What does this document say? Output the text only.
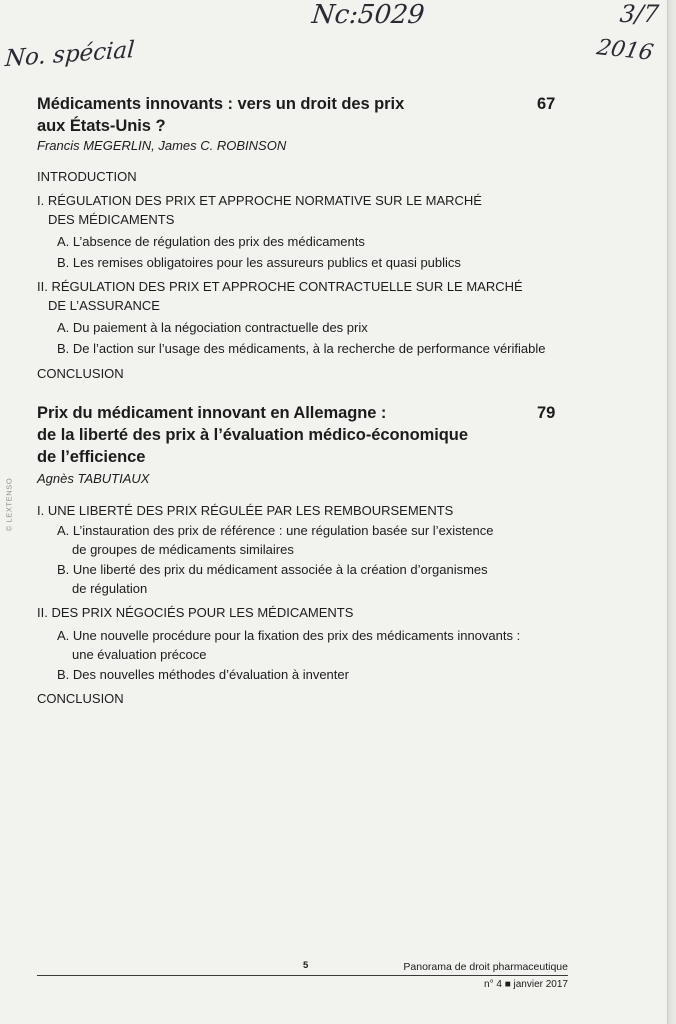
No. spécial
Nc:5029	3/7
2016
© LEXTENSO
Médicaments innovants : vers un droit des prix
aux États-Unis ?
67
Francis MEGERLIN, James C. ROBINSON
INTRODUCTION
I. RÉGULATION DES PRIX ET APPROCHE NORMATIVE SUR LE MARCHÉ
DES MÉDICAMENTS
A. L’absence de régulation des prix des médicaments
B. Les remises obligatoires pour les assureurs publics et quasi publics
II. RÉGULATION DES PRIX ET APPROCHE CONTRACTUELLE SUR LE MARCHÉ
DE L’ASSURANCE
A. Du paiement à la négociation contractuelle des prix
B. De l’action sur l’usage des médicaments, à la recherche de performance vérifiable
CONCLUSION
Prix du médicament innovant en Allemagne :
de la liberté des prix à l’évaluation médico-économique
de l’efficience
79
Agnès TABUTIAUX
I. UNE LIBERTÉ DES PRIX RÉGULÉE PAR LES REMBOURSEMENTS
A. L’instauration des prix de référence : une régulation basée sur l’existence
de groupes de médicaments similaires
B. Une liberté des prix du médicament associée à la création d’organismes
de régulation
II. DES PRIX NÉGOCIÉS POUR LES MÉDICAMENTS
A. Une nouvelle procédure pour la fixation des prix des médicaments innovants :
une évaluation précoce
B. Des nouvelles méthodes d’évaluation à inventer
CONCLUSION
5	Panorama de droit pharmaceutique
n° 4 ■ janvier 2017
